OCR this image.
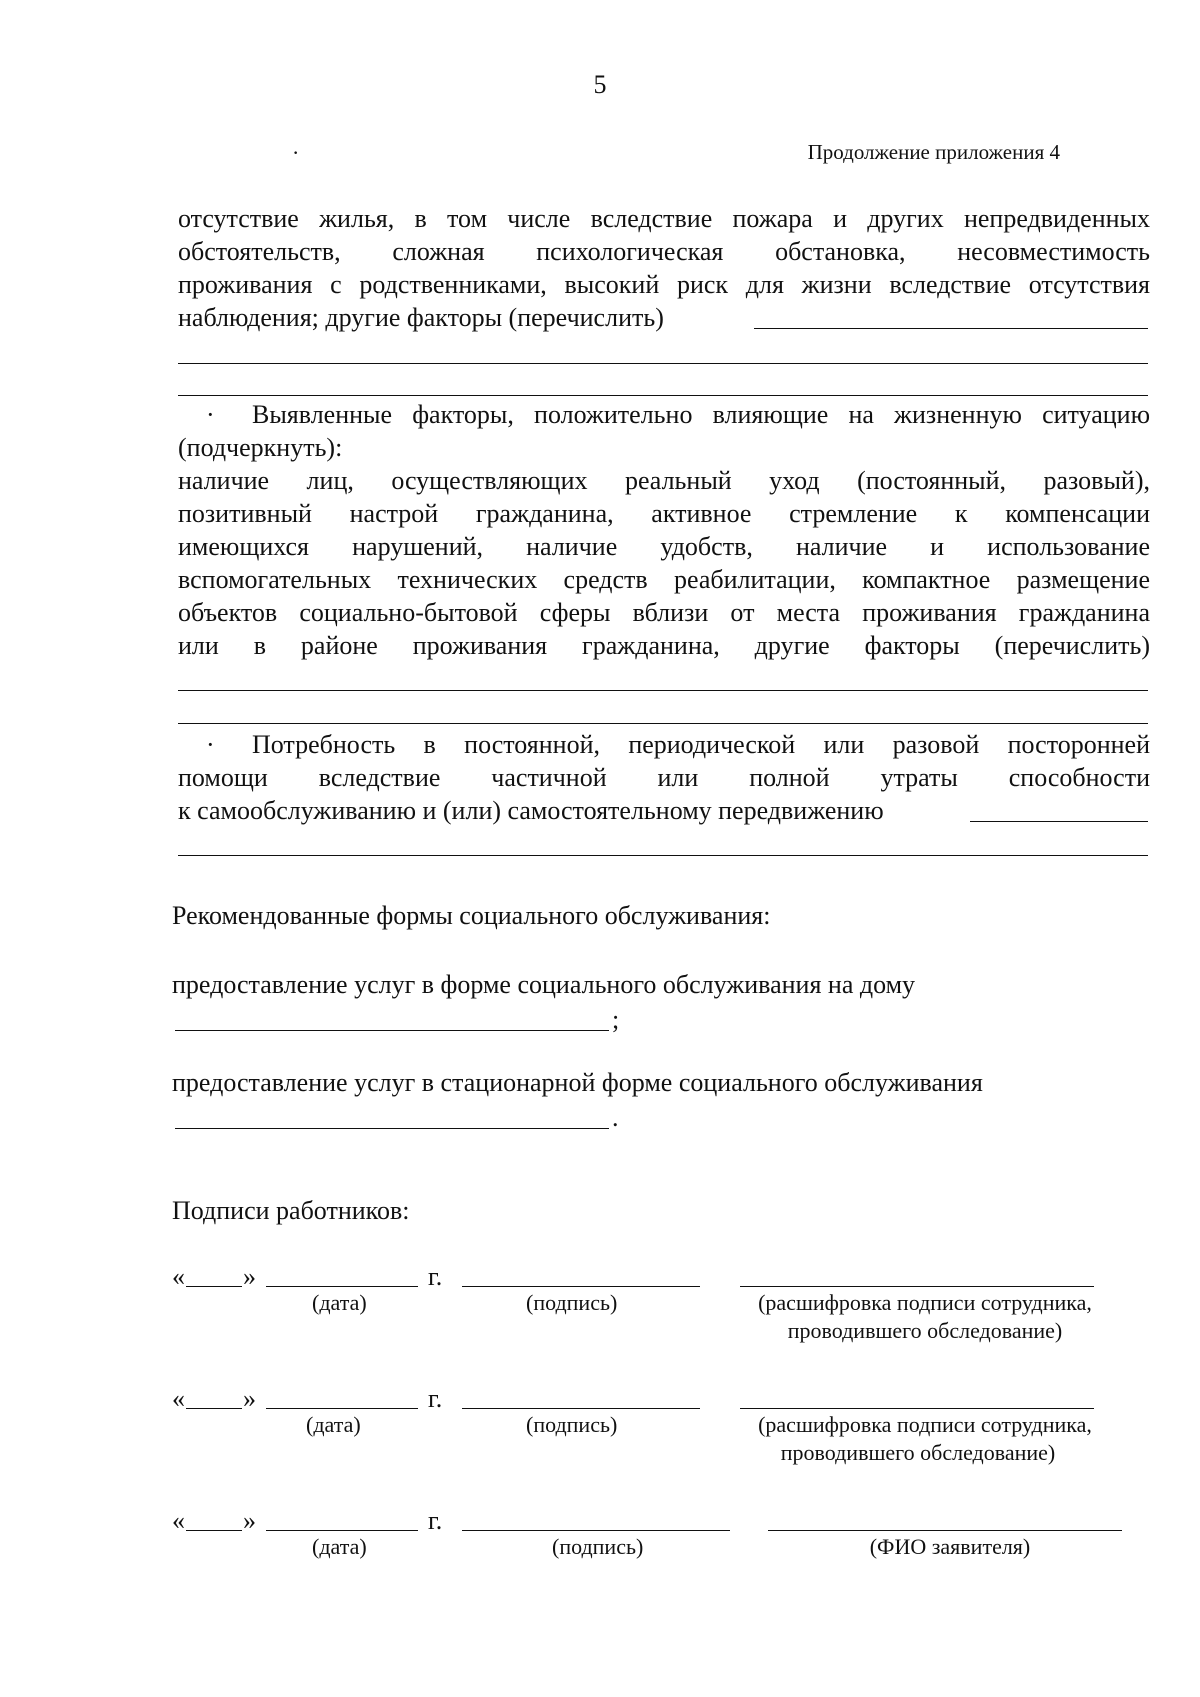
5
·	Продолжение приложения 4
отсутствие жилья, в том числе вследствие пожара и других непредвиденных
обстоятельств, сложная психологическая обстановка, несовместимость
проживания с родственниками, высокий риск для жизни вследствие отсутствия
наблюдения; другие факторы (перечислить)
·	Выявленные факторы, положительно влияющие на жизненную ситуацию
(подчеркнуть):
наличие лиц, осуществляющих реальный уход (постоянный, разовый),
позитивный настрой гражданина, активное стремление к компенсации
имеющихся нарушений, наличие удобств, наличие и использование
вспомогательных технических средств реабилитации, компактное размещение
объектов социально-бытовой сферы вблизи от места проживания гражданина
или в районе проживания гражданина, другие факторы (перечислить)
·	Потребность в постоянной, периодической или разовой посторонней
помощи вследствие частичной или полной утраты способности
к самообслуживанию и (или) самостоятельному передвижению
Рекомендованные формы социального обслуживания:
предоставление услуг в форме социального обслуживания на дому
;
предоставление услуг в стационарной форме социального обслуживания
.
Подписи работников:
« »	г.
(дата)	(подпись)	(расшифровка подписи сотрудника,
проводившего обследование)
« »	г.
(дата)	(подпись)	(расшифровка подписи сотрудника,
проводившего обследование)
« »	г.
(дата)	(подпись)	(ФИО заявителя)
